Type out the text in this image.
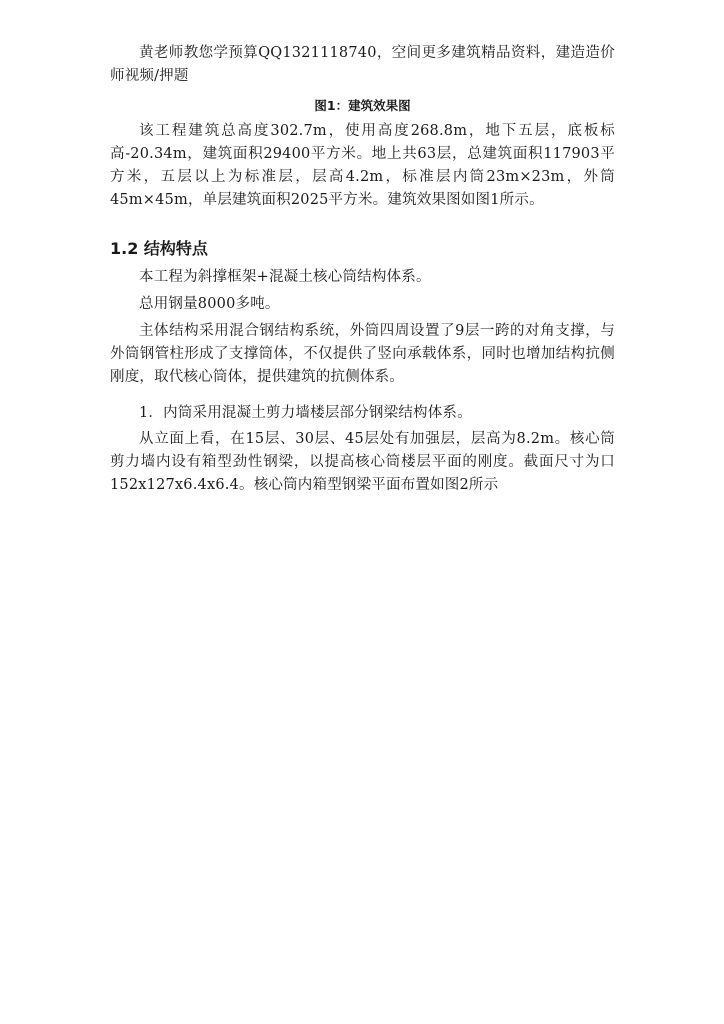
黄老师教您学预算QQ1321118740，空间更多建筑精品资料，建造造价师视频/押题

图1：建筑效果图

该工程建筑总高度302.7m，使用高度268.8m，地下五层，底板标高-20.34m，建筑面积29400平方米。地上共63层，总建筑面积117903平方米，五层以上为标准层，层高4.2m，标准层内筒23m×23m，外筒45m×45m，单层建筑面积2025平方米。建筑效果图如图1所示。

1.2 结构特点

本工程为斜撑框架+混凝土核心筒结构体系。

总用钢量8000多吨。

主体结构采用混合钢结构系统，外筒四周设置了9层一跨的对角支撑，与外筒钢管柱形成了支撑筒体，不仅提供了竖向承载体系，同时也增加结构抗侧刚度，取代核心筒体，提供建筑的抗侧体系。

1．内筒采用混凝土剪力墙楼层部分钢梁结构体系。

从立面上看，在15层、30层、45层处有加强层，层高为8.2m。核心筒剪力墙内设有箱型劲性钢梁，以提高核心筒楼层平面的刚度。截面尺寸为口152x127x6.4x6.4。核心筒内箱型钢梁平面布置如图2所示
